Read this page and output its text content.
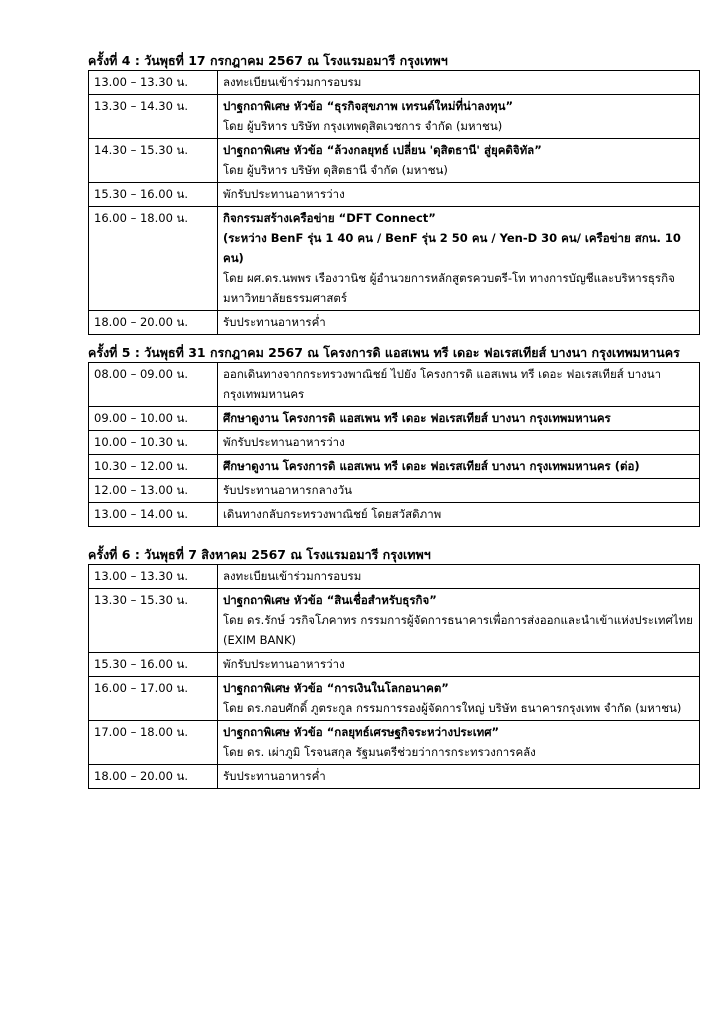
ครั้งที่ 4 : วันพุธที่ 17 กรกฎาคม 2567 ณ โรงแรมอมารี กรุงเทพฯ
13.00 – 13.30 น.	ลงทะเบียนเข้าร่วมการอบรม

13.30 – 14.30 น.	ปาฐกถาพิเศษ หัวข้อ “ธุรกิจสุขภาพ เทรนด์ใหม่ที่น่าลงทุน”
โดย ผู้บริหาร บริษัท กรุงเทพดุสิตเวชการ จำกัด (มหาชน)

14.30 – 15.30 น.	ปาฐกถาพิเศษ หัวข้อ “ล้วงกลยุทธ์ เปลี่ยน 'ดุสิตธานี' สู่ยุคดิจิทัล”
โดย ผู้บริหาร บริษัท ดุสิตธานี จำกัด (มหาชน)

15.30 – 16.00 น.	พักรับประทานอาหารว่าง

16.00 – 18.00 น.	กิจกรรมสร้างเครือข่าย “DFT Connect”
(ระหว่าง BenF รุ่น 1 40 คน / BenF รุ่น 2 50 คน / Yen-D 30 คน/ เครือข่าย สกน. 10 คน)
โดย ผศ.ดร.นพพร เรืองวานิช ผู้อำนวยการหลักสูตรควบตรี-โท ทางการบัญชีและบริหารธุรกิจ
มหาวิทยาลัยธรรมศาสตร์

18.00 – 20.00 น.	รับประทานอาหารค่ำ
ครั้งที่ 5 : วันพุธที่ 31 กรกฎาคม 2567 ณ โครงการดิ แอสเพน ทรี เดอะ ฟอเรสเทียส์ บางนา กรุงเทพมหานคร
08.00 – 09.00 น.	ออกเดินทางจากกระทรวงพาณิชย์ ไปยัง โครงการดิ แอสเพน ทรี เดอะ ฟอเรสเทียส์ บางนา
กรุงเทพมหานคร

09.00 – 10.00 น.	ศึกษาดูงาน โครงการดิ แอสเพน ทรี เดอะ ฟอเรสเทียส์ บางนา กรุงเทพมหานคร

10.00 – 10.30 น.	พักรับประทานอาหารว่าง

10.30 – 12.00 น.	ศึกษาดูงาน โครงการดิ แอสเพน ทรี เดอะ ฟอเรสเทียส์ บางนา กรุงเทพมหานคร (ต่อ)

12.00 – 13.00 น.	รับประทานอาหารกลางวัน

13.00 – 14.00 น.	เดินทางกลับกระทรวงพาณิชย์ โดยสวัสดิภาพ
ครั้งที่ 6 : วันพุธที่ 7 สิงหาคม 2567 ณ โรงแรมอมารี กรุงเทพฯ
13.00 – 13.30 น.	ลงทะเบียนเข้าร่วมการอบรม

13.30 – 15.30 น.	ปาฐกถาพิเศษ หัวข้อ “สินเชื่อสำหรับธุรกิจ”
โดย ดร.รักษ์ วรกิจโภคาทร กรรมการผู้จัดการธนาคารเพื่อการส่งออกและนำเข้าแห่งประเทศไทย
(EXIM BANK)

15.30 – 16.00 น.	พักรับประทานอาหารว่าง

16.00 – 17.00 น.	ปาฐกถาพิเศษ หัวข้อ “การเงินในโลกอนาคต”
โดย ดร.กอบศักดิ์ ภูตระกูล กรรมการรองผู้จัดการใหญ่ บริษัท ธนาคารกรุงเทพ จำกัด (มหาชน)

17.00 – 18.00 น.	ปาฐกถาพิเศษ หัวข้อ “กลยุทธ์เศรษฐกิจระหว่างประเทศ”
โดย ดร. เผ่าภูมิ โรจนสกุล รัฐมนตรีช่วยว่าการกระทรวงการคลัง

18.00 – 20.00 น.	รับประทานอาหารค่ำ
